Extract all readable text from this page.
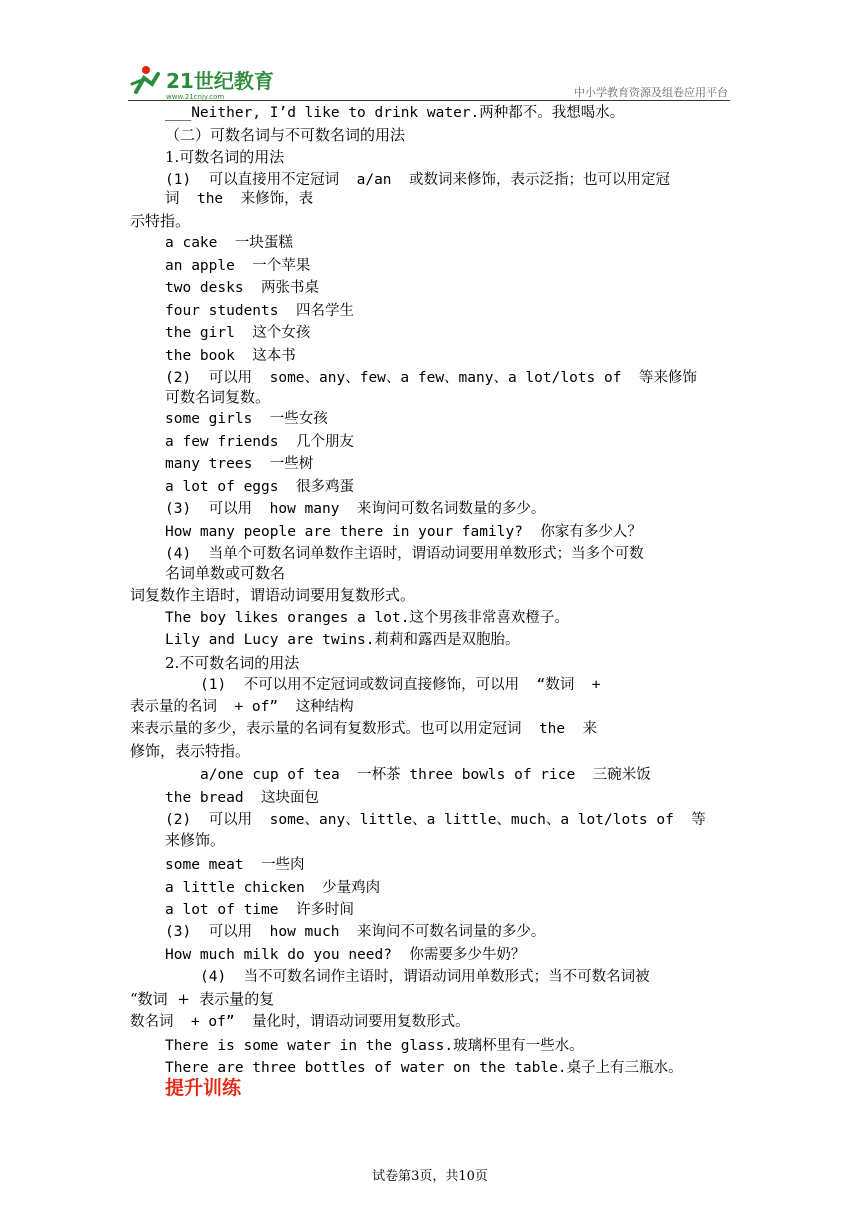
21世纪教育
www.21cnjy.com	中小学教育资源及组卷应用平台
___Neither, I’d like to drink water.两种都不。我想喝水。
（二）可数名词与不可数名词的用法
1.可数名词的用法
(1)  可以直接用不定冠词  a/an  或数词来修饰，表示泛指；也可以用定冠
词  the  来修饰，表
示特指。
a cake  一块蛋糕
an apple  一个苹果
two desks  两张书桌
four students  四名学生
the girl  这个女孩
the book  这本书
(2)  可以用  some、any、few、a few、many、a lot/lots of  等来修饰
可数名词复数。
some girls  一些女孩
a few friends  几个朋友
many trees  一些树
a lot of eggs  很多鸡蛋
(3)  可以用  how many  来询问可数名词数量的多少。
How many people are there in your family?  你家有多少人？
(4)  当单个可数名词单数作主语时，谓语动词要用单数形式；当多个可数
名词单数或可数名
词复数作主语时，谓语动词要用复数形式。
The boy likes oranges a lot.这个男孩非常喜欢橙子。
Lily and Lucy are twins.莉莉和露西是双胞胎。
2.不可数名词的用法
(1)  不可以用不定冠词或数词直接修饰，可以用  “数词  +
表示量的名词  + of”  这种结构
来表示量的多少，表示量的名词有复数形式。也可以用定冠词  the  来
修饰，表示特指。
a/one cup of tea  一杯茶 three bowls of rice  三碗米饭
the bread  这块面包
(2)  可以用  some、any、little、a little、much、a lot/lots of  等
来修饰。
some meat  一些肉
a little chicken  少量鸡肉
a lot of time  许多时间
(3)  可以用  how much  来询问不可数名词量的多少。
How much milk do you need?  你需要多少牛奶？
(4)  当不可数名词作主语时，谓语动词用单数形式；当不可数名词被
“数词  +  表示量的复
数名词  + of”  量化时，谓语动词要用复数形式。
There is some water in the glass.玻璃杯里有一些水。
There are three bottles of water on the table.桌子上有三瓶水。
提升训练
试卷第3页，共10页
